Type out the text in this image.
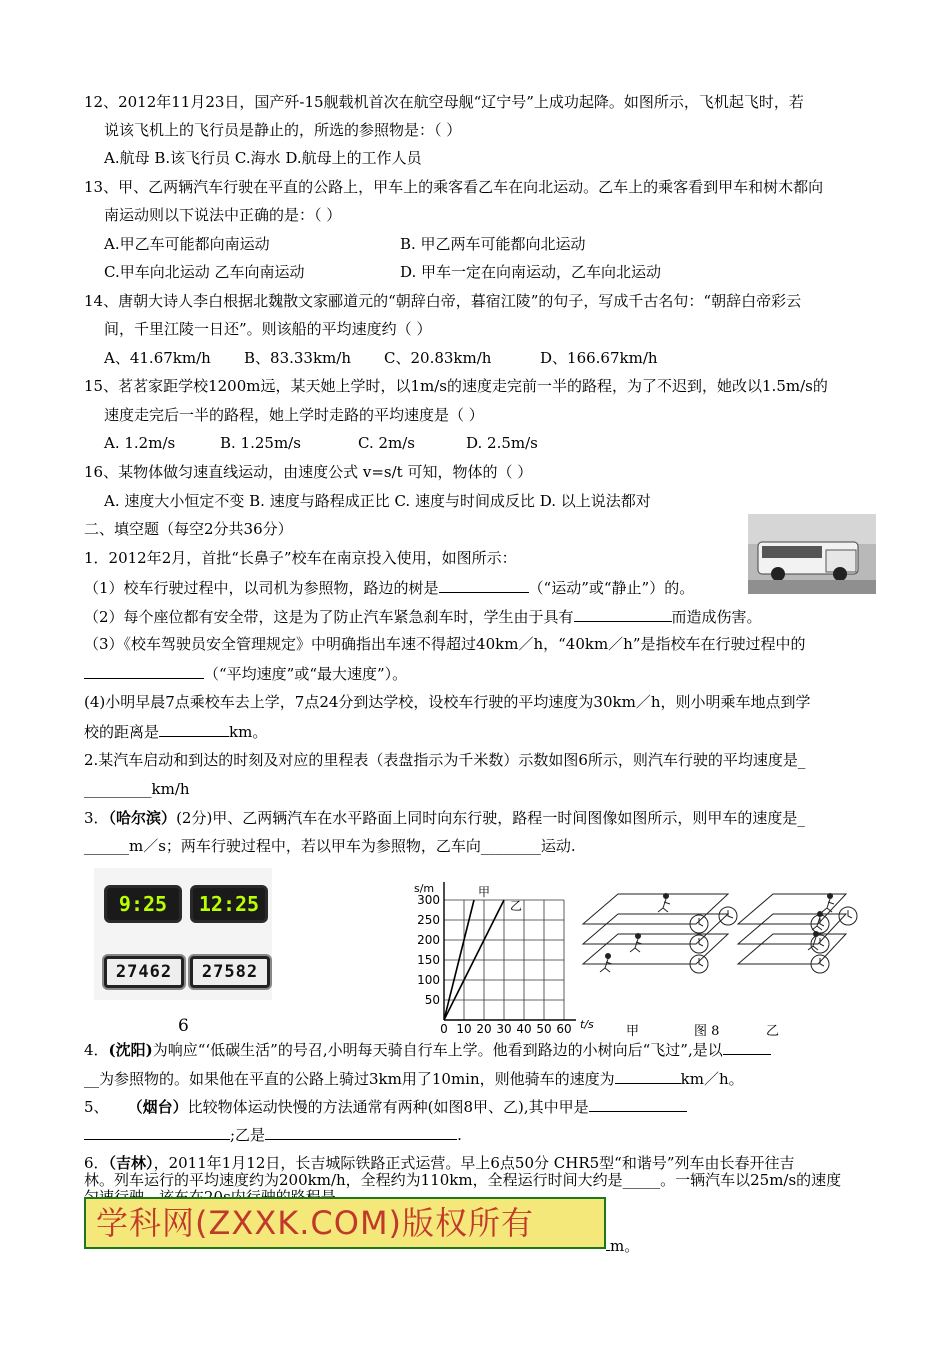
12、2012年11月23日，国产歼-15舰载机首次在航空母舰“辽宁号”上成功起降。如图所示，飞机起飞时，若
说该飞机上的飞行员是静止的，所选的参照物是：（ ）
A.航母 B.该飞行员 C.海水 D.航母上的工作人员
13、甲、乙两辆汽车行驶在平直的公路上，甲车上的乘客看乙车在向北运动。乙车上的乘客看到甲车和树木都向
南运动则以下说法中正确的是：（ ）
A.甲乙车可能都向南运动	B. 甲乙两车可能都向北运动
C.甲车向北运动 乙车向南运动	D. 甲车一定在向南运动，乙车向北运动
14、唐朝大诗人李白根据北魏散文家郦道元的“朝辞白帝，暮宿江陵”的句子，写成千古名句：“朝辞白帝彩云
间，千里江陵一日还”。则该船的平均速度约（ ）
A、41.67km/h B、83.33km/h C、20.83km/h	D、166.67km/h
15、茗茗家距学校1200m远，某天她上学时，以1m/s的速度走完前一半的路程，为了不迟到，她改以1.5m/s的
速度走完后一半的路程，她上学时走路的平均速度是（ ）
A. 1.2m/s	B. 1.25m/s	C. 2m/s	D. 2.5m/s
16、某物体做匀速直线运动，由速度公式 v=s/t 可知，物体的（ ）
A. 速度大小恒定不变 B. 速度与路程成正比 C. 速度与时间成反比 D. 以上说法都对
二、填空题（每空2分共36分）
1．2012年2月，首批“长鼻子”校车在南京投入使用，如图所示：
（1）校车行驶过程中，以司机为参照物，路边的树是	（“运动”或“静止”）的。
（2）每个座位都有安全带，这是为了防止汽车紧急刹车时，学生由于具有	而造成伤害。
（3）《校车驾驶员安全管理规定》中明确指出车速不得超过40km／h，“40km／h”是指校车在行驶过程中的
（“平均速度”或“最大速度”）。
(4)小明早晨7点乘校车去上学，7点24分到达学校，设校车行驶的平均速度为30km／h，则小明乘车地点到学
校的距离是	km。
2.某汽车启动和到达的时刻及对应的里程表（表盘指示为千米数）示数如图6所示，则汽车行驶的平均速度是_
_________km/h
3．（哈尔滨）(2分)甲、乙两辆汽车在水平路面上同时向东行驶，路程一时间图像如图所示，则甲车的速度是_
______m／s；两车行驶过程中，若以甲车为参照物，乙车向________运动.
9:25	12:25
27462	27582
6	0 10 20 30 40 50 60
50
100
150
200
250
300
t/s
s/m	甲
乙
甲	图 8	乙
4．(沈阳)为响应“‘低碳生活”的号召,小明每天骑自行车上学。他看到路边的小树向后“飞过”,是以
__为参照物的。如果他在平直的公路上骑过3km用了10min，则他骑车的速度为	km／h。
5、 （烟台）比较物体运动快慢的方法通常有两种(如图8甲、乙),其中甲是
;乙是	.
6．（吉林），2011年1月12日，长吉城际铁路正式运营。早上6点50分 CHR5型“和谐号”列车由长春开往吉
林。列车运行的平均速度约为200km/h，全程约为110km，全程运行时间大约是_____。一辆汽车以25m/s的速度
学科网(ZXXK.COM)版权所有
m。
